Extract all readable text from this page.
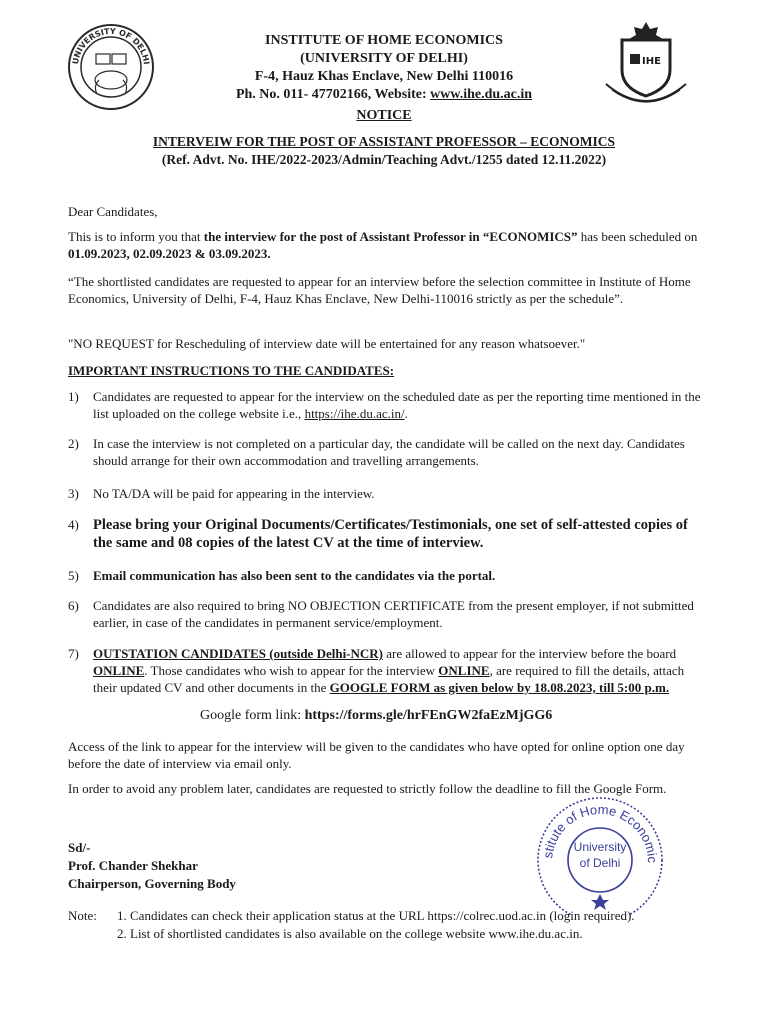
UNIVERSITY OF DELHI	IHE
INSTITUTE OF HOME ECONOMICS
(UNIVERSITY OF DELHI)
F-4, Hauz Khas Enclave, New Delhi 110016
Ph. No. 011- 47702166, Website: www.ihe.du.ac.in
NOTICE
INTERVEIW FOR THE POST OF ASSISTANT PROFESSOR – ECONOMICS
(Ref. Advt. No. IHE/2022-2023/Admin/Teaching Advt./1255 dated 12.11.2022)

Dear Candidates,

This is to inform you that the interview for the post of Assistant Professor in “ECONOMICS” has been scheduled on 01.09.2023, 02.09.2023 & 03.09.2023.

“The shortlisted candidates are requested to appear for an interview before the selection committee in Institute of Home Economics, University of Delhi, F-4, Hauz Khas Enclave, New Delhi-110016 strictly as per the schedule”.

"NO REQUEST for Rescheduling of interview date will be entertained for any reason whatsoever."

IMPORTANT INSTRUCTIONS TO THE CANDIDATES:
1)	Candidates are requested to appear for the interview on the scheduled date as per the reporting time mentioned in the list uploaded on the college website i.e., https://ihe.du.ac.in/.
2)	In case the interview is not completed on a particular day, the candidate will be called on the next day. Candidates should arrange for their own accommodation and travelling arrangements.
3)	No TA/DA will be paid for appearing in the interview.
4) Please bring your Original Documents/Certificates/Testimonials, one set of self-attested copies of the same and 08 copies of the latest CV at the time of interview.
5)	Email communication has also been sent to the candidates via the portal.
6)	Candidates are also required to bring NO OBJECTION CERTIFICATE from the present employer, if not submitted earlier, in case of the candidates in permanent service/employment.
7)	OUTSTATION CANDIDATES (outside Delhi-NCR) are allowed to appear for the interview before the board ONLINE. Those candidates who wish to appear for the interview ONLINE, are required to fill the details, attach their updated CV and other documents in the GOOGLE FORM as given below by 18.08.2023, till 5:00 p.m.
Google form link: https://forms.gle/hrFEnGW2faEzMjGG6

Access of the link to appear for the interview will be given to the candidates who have opted for online option one day before the date of interview via email only.

In order to avoid any problem later, candidates are requested to strictly follow the deadline to fill the Google Form.

Sd/-
Prof. Chander Shekhar
Chairperson, Governing Body
stitute of Home Economic
University
of Delhi
Note: 1. Candidates can check their application status at the URL https://colrec.uod.ac.in (login required).
2. List of shortlisted candidates is also available on the college website www.ihe.du.ac.in.
